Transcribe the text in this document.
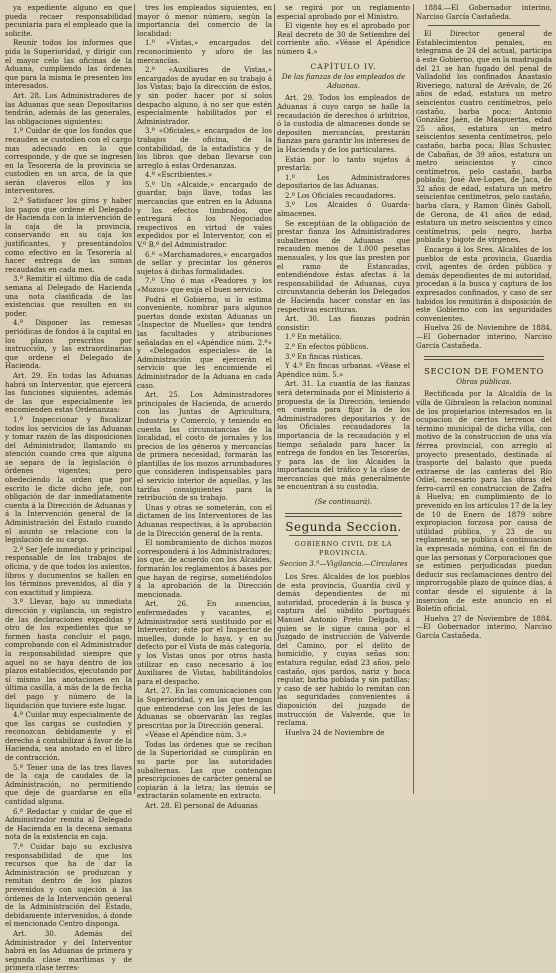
ya expediente alguno en que pueda recaer responsabilidad pecuniaria para el empleado que la solicite.

Reunir todos los informes que pida la Superioridad, y dirigir con el mayor celo las oficinas de la Aduana, cumpliendo las órdenes que para la misma le presenten los interesados.

Art. 28. Los Administradores de las Aduanas que sean Depositarios tendrán, además de las generales, las obligaciones siguientes:

1.ª Cuidar de que los fondos que recauden se custodien con el cargo mas adecuado en lo que corresponde, y de que se ingresen en la Tesorería de la provincia se custodien en un arca, de la que serán claveros ellos y los interventores.

2.ª Satisfacer los giros y haber los pagos que ordene el Delegado de Hacienda con la intervención de la caja de la provincia, conservando en su caja los justificantes, y presentándolos como efectivo en la Tesorería al hacer entrega de las sumas recaudadas en cada mes.

3.ª Remitir el último día de cada semana al Delegado de Hacienda una nota clasificada de las existencias que resulten en su poder.

4.ª Disponer las remesas periódicas de fondos á la capital en los plazos prescritos por instrucción, y las extraordinarias que ordene el Delegado de Hacienda.

Art. 29. En todas las Aduanas habrá un Interventor, que ejercerá las funciones siguientes, además de las que especialmente les encomienden estas Ordenanzas:

1.ª Inspeccionar y fiscalizar todos los servicios de las Aduanas y tomar razón de las disposiciones del Administrador, llamando su atención cuando crea que alguna se separa de la legislación ó órdenes vigentes; pero obedeciendo la orden que por escrito le dicte dicho jefe, con obligación de dar inmediatamente cuenta á la Dirección de Aduanas y á la Intervención general de la Administración del Estado cuando el asunto se relacione con la legislación de su cargo.

2.ª Ser Jefe inmediato y principal responsable de los trabajos de oficina, y de que todos los asientos, libros y documentos se hallen en los términos prevenidos, al día y con exactitud y limpieza.

3.ª Llevar, bajo su inmediata dirección y vigilancia, un registro de las declaraciones expedidas y otro de los expedientes que se formen hasta concluir el pago, comprobando con el Administrador la responsabilidad siempre que aquel no se haya dentro de los plazos establecidos, ejecutando por sí mismo las anotaciones en la última casilla, á más de la de fecha del pago y número de la liquidación que tuviere este lugar.

4.ª Cuidar muy especialmente de que las cargas se custodien y reconozcan debidamente y el derecho á contabilizar á favor de la Hacienda, sea anotado en el libro de contracción.

5.ª Tener una de las tres llaves de la caja de caudales de la Administración, no permitiendo que deje de guardarse en ella cantidad alguna.

6.ª Redactar y cuidar de que el Administrador remita al Delegado de Hacienda en la decena semana nota de la existencia en caja.

7.ª Cuidar bajo su exclusiva responsabilidad de que los recursos que ha de dar la Administración se produzcan y remitan dentro de los plazos prevenidos y con sujeción á las órdenes de la Intervención general de la Administración del Estado, debidamente intervenidos, á donde el mencionado Centro disponga.

Art. 30. Además del Administrador y del Interventor habrá en las Aduanas de primera y segunda clase marítimas y de primera clase terres-

tres los empleados siguientes, en mayor ó menor número, según la importancia del comercio de la localidad:

1.º «Vistas,» encargados del reconocimiento y aforo de las mercancías.

2.º «Auxiliares de Vistas,» encargados de ayudar en su trabajo á los Vistas; bajo la dirección de éstos, y sin poder hacer por sí solos despacho alguno, á no ser que estén especialmente habilitados por el Administrador.

3.º «Oficiales,» encargados de los trabajos de oficina, de la contabilidad, de la estadística y de los libros que deban llevarse con arreglo á estas Ordenanzas.

4.º «Escribientes.»

5.º Un «Alcaide,» encargado de guardar, bajo llave, todas las mercancías que entren en la Aduana y los efectos timbrados, que entregará á los Negociados respectivos en virtud de vales expedidos por el Interventor, con el V.º B.º del Administrador.

6.º «Marchamadores,» encargados de sellar y precintar los géneros sujetos á dichas formalidades.

7.º Uno ó mas «Peadores y los «Mozos» que exija el buen servicio.

Podrá el Gobierno, si lo estima conveniente, nombrar para algunos puertos donde existan Aduanas un «Inspector de Muelles» que tendrá las facultades y atribuciones señaladas en el «Apéndice núm. 2.º» y «Delegados especiales» de la Administración que ejercerán el servicio que les encomiende el Administrador de la Aduana en cada caso.

Art. 25. Los Administradores principales de Hacienda, de acuerdo con las Juntas de Agricultura, Industria y Comercio, y teniendo en cuenta las circunstancias de la localidad, el costo de jornales y los precios de los géneros y mercancías de primera necesidad, formarán las plantillas de los mozos arrumbadores que consideren indispensables para el servicio interior de aquellas, y las tarifas consiguientes para la retribución de su trabajo.

Unas y otras se someterán, con el dictamen de los Interventores de las Aduanas respectivas, á la aprobación de la Dirección general de la renta.

El nombramiento de dichos mozos corresponderá á los Administradores; los que, de acuerdo con los Alcaides, formarán los reglamentos á bases por que hayan de regirse, sometiéndolos á la aprobación de la Dirección mencionada.

Art. 26. En ausencias, enfermedades y vacantes, el Administrador será sustituido por el Interventor; éste por el Inspector de muelles, donde lo haya, y en su defecto por el Vista de más categoría, y los Vistas unos por otros hasta utilizar en caso necesario á los Auxiliares de Vistas, habilitándolos para el despacho.

Art. 27. En las comunicaciones con la Superioridad, y en las que tengan que entenderse con los Jefes de las Aduanas se observarán las reglas prescritas por la Dirección general.

«Véase el Apéndice núm. 3.»

Todas las órdenes que se reciban de la Superioridad se cumplirán en su parte por las autoridades subalternas. Las que contengan prescripciones de carácter general se copiarán á la letra; las demás se extractarán solamente en extracto.

Art. 28. El personal de Aduanas

se regirá por un reglamento especial aprobado por el Ministro.

El vigente hoy es el aprobado por Real decreto de 30 de Setiembre del corriente año. «Véase el Apéndice número 4.»

CAPÍTULO IV.

De las fianzas de los empleados de Aduanas.

Art. 29. Todos los empleados de Aduanas á cuyo cargo se halle la recaudación de derechos ó arbitrios, ó la custodia de almacenes donde se depositen mercancías, prestarán fianzas para garantir los intereses de la Hacienda y de los particulares.

Están por lo tanto sujetos á prestarla:

1.º Los Administradores depositarios de las Aduanas.

2.º Los Oficiales recaudadores.

3.º Los Alcaides ó Guarda-almacenes.

Se exceptúan de la obligación de prestar fianza los Administradores subalternos de Aduanas que recauden menos de 1.000 pesetas mensuales, y los que las presten por el ramo de Estancadas, entendiéndose éstas afectas á la responsabilidad de Aduanas, cuya circunstancia deberán los Delegados de Hacienda hacer constar en las respectivas escrituras.

Art. 30. Las fianzas podrán consistir:

1.º En metálico.

2.º En efectos públicos.

3.º En fincas rústicas.

Y 4.º En fincas urbanas. «Véase el Apéndice núm. 5.»

Art. 31. La cuantía de las fianzas será determinada por el Ministerio á propuesta de la Dirección, teniendo en cuenta para fijar la de los Administradores depositarios y de los Oficiales recaudadores la importancia de la recaudación y el tiempo señalado para hacer la entrega de fondos en las Tesorerías, y para las de los Alcaides la importancia del tráfico y la clase de mercancías que más generalmente se encuentran á su custodia.

(Se continuará).

Segunda Seccion.

GOBIERNO CIVIL DE LA PROVINCIA.

Seccion 3.ª—Vigilancia.—Circulares

Los Sres. Alcaldes de los pueblos de esta provincia, Guardia civil y demás dependientes de mi autoridad, procederán á la busca y captura del súbdito portugués Manuel Antonio Preto Delgado, á quien se le sigue causa por el Juzgado de instrucción de Valverde del Camino, por el delito de homicidio, y cuyas señas son: estatura regular, edad 23 años, pelo castaño, ojos pardos, nariz y boca regular, barba poblada y sin patillas; y caso de ser habido lo remitan con las seguridades convenientes á disposición del juzgado de instrucción de Valverde, que lo reclama.

Huelva 24 de Noviembre de

1884.—El Gobernador interino, Narciso García Castañeda.

El Director general de Establecimientos penales, en telegrama de 24 del actual, participa á este Gobierno, que en la madrugada del 21 se han fugado del penal de Valladolid los confinados Anastasio Riveriego, natural de Arévalo, de 26 años de edad, estatura un metro seiscientos cuatro centímetros, pelo castaño, barba poca; Antonio González Jaén, de Maspuertas, edad 25 años, estatura un metro seiscientos sesenta centímetros, pelo castaño, barba poca; Blas Schuster, de Cabañas, de 39 años, estatura un metro seiscientos y cinco centímetros, pelo castaño, barba poblada; José Ave-Lopes, de Jaca, de 32 años de edad, estatura un metro seiscientos centímetros, pelo castaño, barba clara, y Ramon Ginés Gaboll, de Gerona, de 41 años de edad, estatura un metro seiscientos y cinco centímetros, pelo negro, barba poblada y bigote de vírgenes.

Encargo á los Sres. Alcaldes de los pueblos de esta provincia, Guardia civil, agentes de órden público y demás dependientes de mi autoridad, procedan á la busca y captura de los expresados confinados, y caso de ser habidos los remitirán á disposición de este Gobierno con las seguridades convenientes.

Huelva 26 de Noviembre de 1884.—El Gobernador interino, Narciso García Castañeda.

SECCION DE FOMENTO

Obras públicas.

Rectificada por la Alcaldía de la villa de Gibraleon la relacion nominal de los propietarios interesados en la ocupacion de ciertos terrenos del término municipal de dicha villa, con motivo de la construccion de una vía férrea provincial, con arreglo al proyecto presentado, destinada al trasporte del balasto que pueda extraerse de las canteras del Río Odiel, necesario para las obras del ferro-carril en construccion de Zafra á Huelva; en cumplimiento de lo prevenido en los artículos 17 de la ley de 10 de Enero de 1879 sobre expropiacion forzosa por causa de utilidad pública, y 23 de su reglamento, se publica á continuacion la expresada nómina, con el fin de que las personas y Corporaciones que se estimen perjudicadas puedan deducir sus reclamaciones dentro del improrrogable plazo de quince días, á contar desde el siguiente á la insercion de este anuncio en el Boletín oficial.

Huelva 27 de Noviembre de 1884.—El Gobernador interino, Narciso García Castañeda.
